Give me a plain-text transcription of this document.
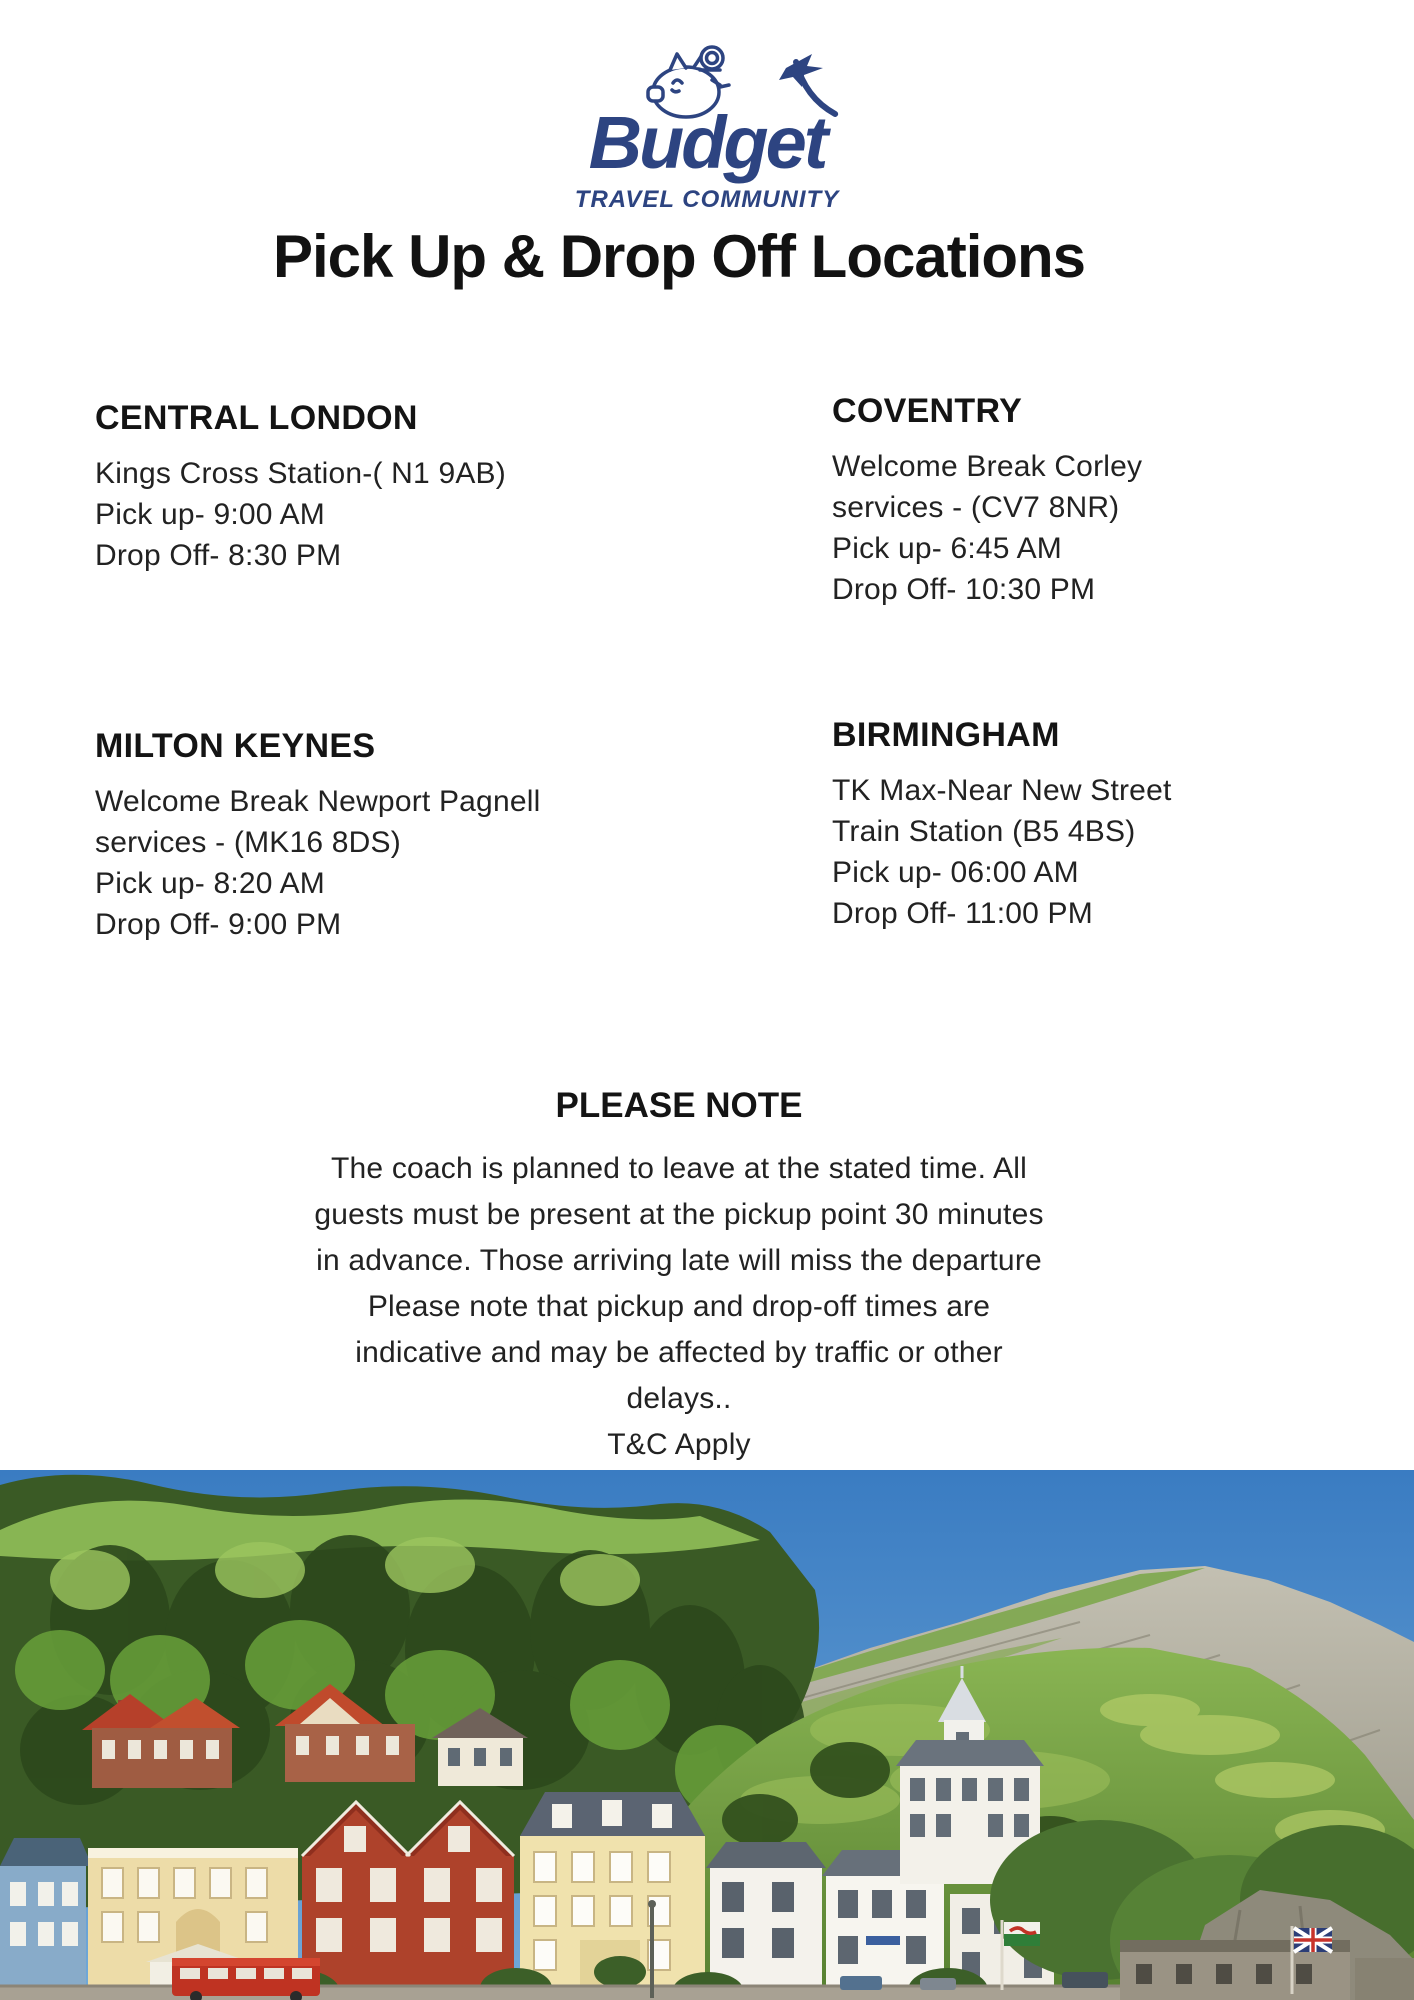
Budget
TRAVEL COMMUNITY
Pick Up & Drop Off Locations
CENTRAL LONDON

Kings Cross Station-( N1 9AB)

Pick up- 9:00 AM

Drop Off- 8:30 PM

COVENTRY

Welcome Break Corley

services - (CV7 8NR)

Pick up- 6:45 AM

Drop Off- 10:30 PM

MILTON KEYNES

Welcome Break Newport Pagnell

services - (MK16 8DS)

Pick up- 8:20 AM

Drop Off- 9:00 PM

BIRMINGHAM

TK Max-Near New Street

Train Station (B5 4BS)

Pick up- 06:00 AM

Drop Off- 11:00 PM

PLEASE NOTE
The coach is planned to leave at the stated time. All
guests must be present at the pickup point 30 minutes
in advance. Those arriving late will miss the departure
Please note that pickup and drop-off times are
indicative and may be affected by traffic or other
delays..
T&C Apply
